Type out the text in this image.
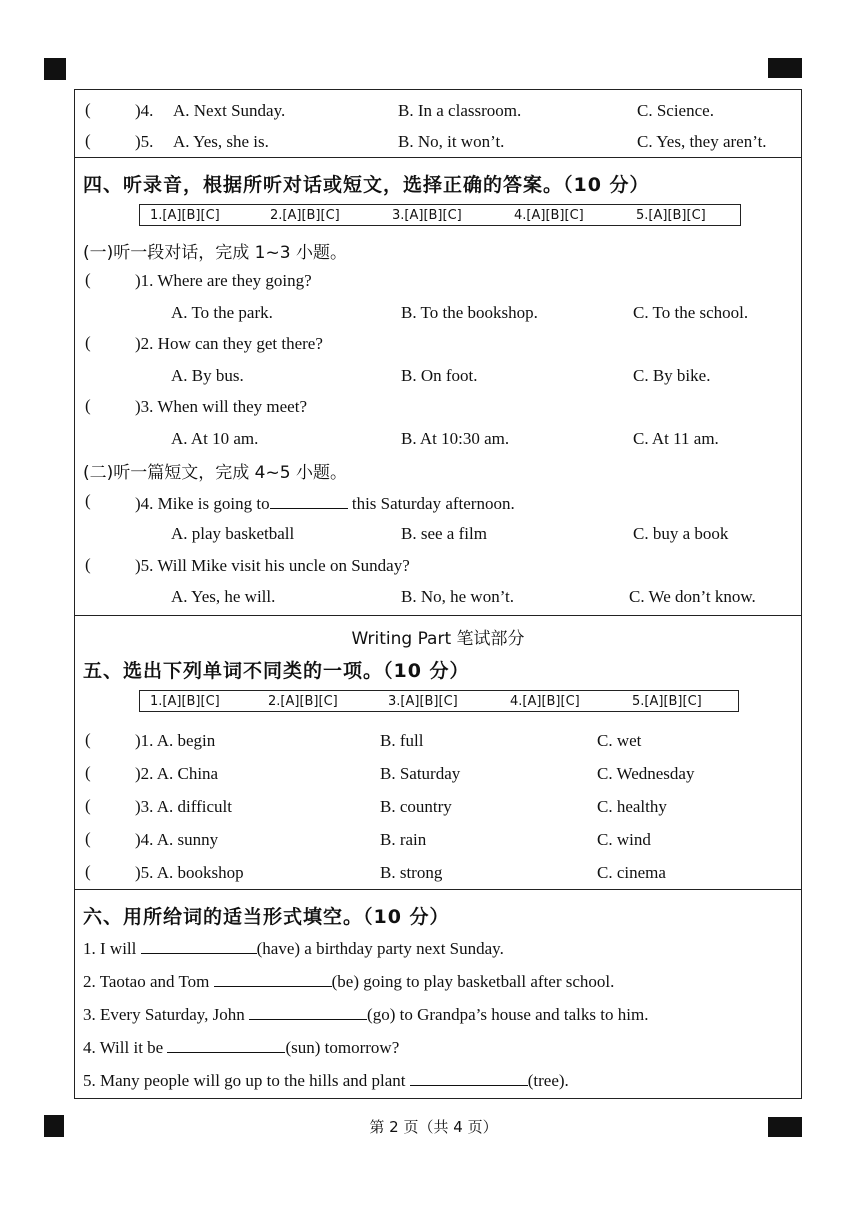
(	)4. A. Next Sunday.	B. In a classroom.	C. Science.
(	)5. A. Yes, she is.	B. No, it won’t.	C. Yes, they aren’t.
四、听录音，根据所听对话或短文，选择正确的答案。（10 分）
1.[A][B][C]	2.[A][B][C]	3.[A][B][C]	4.[A][B][C]	5.[A][B][C]
(一)听一段对话，完成 1~3 小题。
(	)1. Where are they going?
A. To the park.	B. To the bookshop.	C. To the school.
(	)2. How can they get there?
A. By bus.	B. On foot.	C. By bike.
(	)3. When will they meet?
A. At 10 am.	B. At 10:30 am.	C. At 11 am.
(二)听一篇短文，完成 4~5 小题。
(	)4. Mike is going to	this Saturday afternoon.
A. play basketball	B. see a film	C. buy a book
(	)5. Will Mike visit his uncle on Sunday?
A. Yes, he will.	B. No, he won’t.	C. We don’t know.
Writing Part 笔试部分
五、选出下列单词不同类的一项。（10 分）
1.[A][B][C]	2.[A][B][C]	3.[A][B][C]	4.[A][B][C]	5.[A][B][C]
(	)1. A. begin	B. full	C. wet
(	)2. A. China	B. Saturday	C. Wednesday
(	)3. A. difficult	B. country	C. healthy
(	)4. A. sunny	B. rain	C. wind
(	)5. A. bookshop	B. strong	C. cinema
六、用所给词的适当形式填空。（10 分）
1. I will	(have) a birthday party next Sunday.
2. Taotao and Tom	(be) going to play basketball after school.
3. Every Saturday, John	(go) to Grandpa’s house and talks to him.
4. Will it be	(sun) tomorrow?
5. Many people will go up to the hills and plant	(tree).
第 2 页（共 4 页）
